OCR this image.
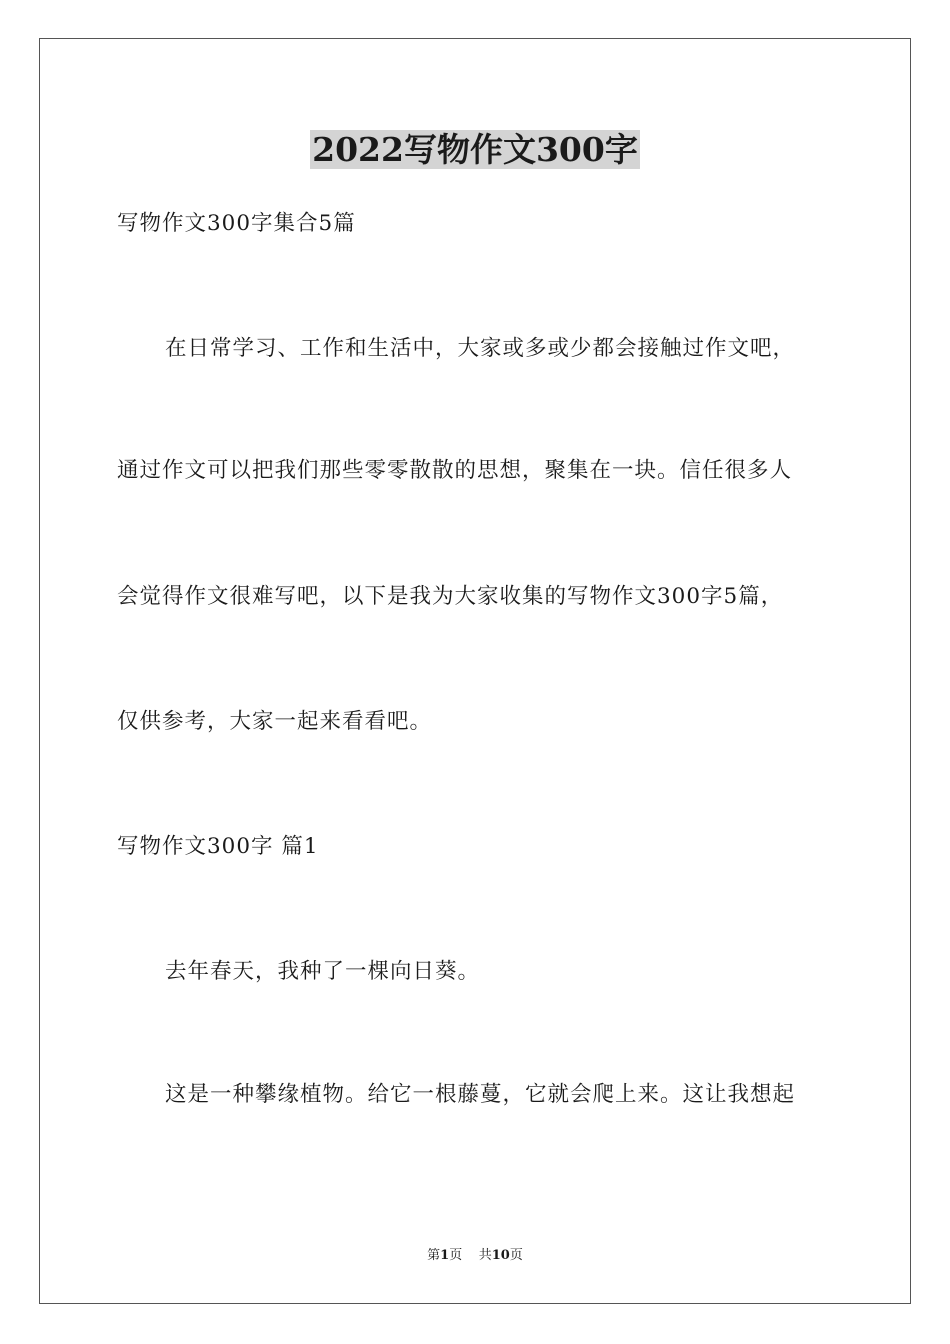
2022写物作文300字
写物作文300字集合5篇
在日常学习、工作和生活中，大家或多或少都会接触过作文吧，
通过作文可以把我们那些零零散散的思想，聚集在一块。信任很多人
会觉得作文很难写吧，以下是我为大家收集的写物作文300字5篇，
仅供参考，大家一起来看看吧。
写物作文300字 篇1
去年春天，我种了一棵向日葵。
这是一种攀缘植物。给它一根藤蔓，它就会爬上来。这让我想起
第1页    共10页
